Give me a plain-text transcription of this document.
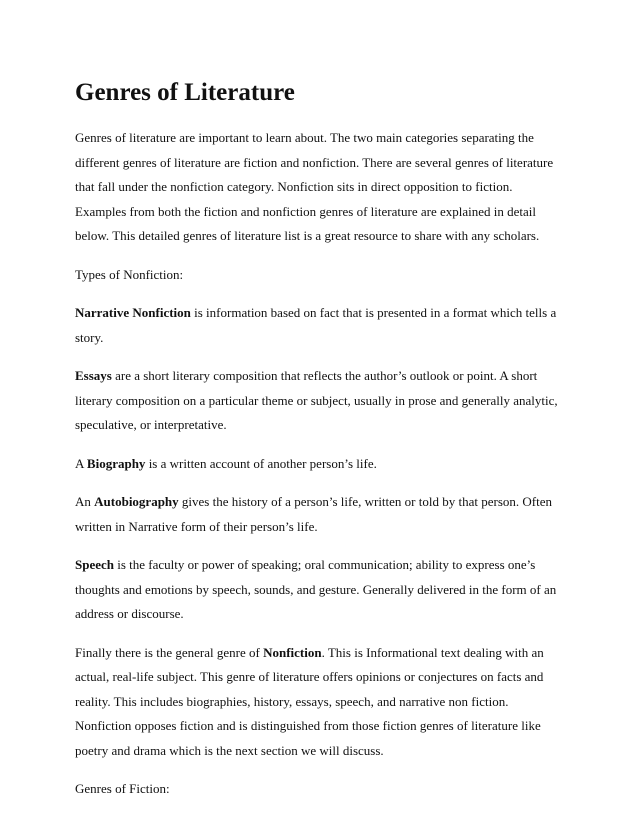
Genres of Literature

Genres of literature are important to learn about. The two main categories separating the different genres of literature are fiction and nonfiction. There are several genres of literature that fall under the nonfiction category. Nonfiction sits in direct opposition to fiction. Examples from both the fiction and nonfiction genres of literature are explained in detail below. This detailed genres of literature list is a great resource to share with any scholars.

Types of Nonfiction:

Narrative Nonfiction is information based on fact that is presented in a format which tells a story.

Essays are a short literary composition that reflects the author’s outlook or point. A short literary composition on a particular theme or subject, usually in prose and generally analytic, speculative, or interpretative.

A Biography is a written account of another person’s life.

An Autobiography gives the history of a person’s life, written or told by that person. Often written in Narrative form of their person’s life.

Speech is the faculty or power of speaking; oral communication; ability to express one’s thoughts and emotions by speech, sounds, and gesture. Generally delivered in the form of an address or discourse.

Finally there is the general genre of Nonfiction. This is Informational text dealing with an actual, real-life subject. This genre of literature offers opinions or conjectures on facts and reality. This includes biographies, history, essays, speech, and narrative non fiction. Nonfiction opposes fiction and is distinguished from those fiction genres of literature like poetry and drama which is the next section we will discuss.

Genres of Fiction:
